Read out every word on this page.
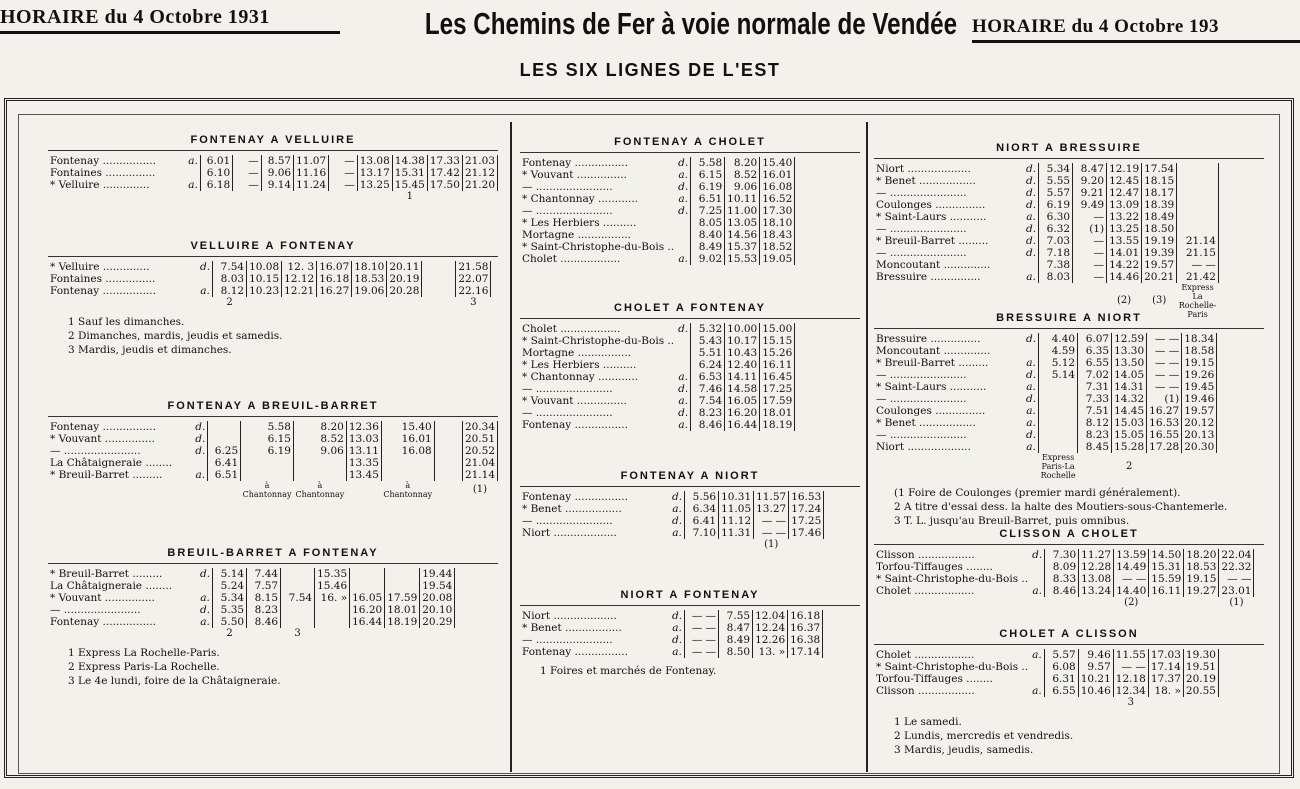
HORAIRE du 4 Octobre 1931	Les Chemins de Fer à voie normale de Vendée HORAIRE du 4 Octobre 193
LES SIX LIGNES DE L'EST
FONTENAY A VELLUIRE
Fontenay ................	a.	6.01	—	8.57	11.07	—	13.08	14.38	17.33	21.03
Fontaines ...............		6.10	—	9.06	11.16	—	13.17	15.31	17.42	21.12
* Velluire ..............	a.	6.18	—	9.14	11.24	—	13.25	15.45	17.50	21.20
								1		
VELLUIRE A FONTENAY
* Velluire ..............	d.	7.54	10.08	12. 3	16.07	18.10	20.11		21.58
Fontaines ...............		8.03	10.15	12.12	16.18	18.53	20.19		22.07
Fontenay ................	a.	8.12	10.23	12.21	16.27	19.06	20.28		22.16
		2							3
1 Sauf les dimanches.
2 Dimanches, mardis, jeudis et samedis.
3 Mardis, jeudis et dimanches.
FONTENAY A BREUIL-BARRET
Fontenay ................	d.		5.58	8.20	12.36	15.40		20.34
* Vouvant ...............	d.		6.15	8.52	13.03	16.01		20.51
— .......................	d.	6.25	6.19	9.06	13.11	16.08		20.52
La Châtaigneraie ........		6.41			13.35			21.04
* Breuil-Barret .........	a.	6.51			13.45			21.14
			à Chantonnay	à Chantonnay		à Chantonnay		(1)
BREUIL-BARRET A FONTENAY
* Breuil-Barret .........	d.	5.14	7.44		15.35			19.44
La Châtaigneraie ........		5.24	7.57		15.46			19.54
* Vouvant ...............	a.	5.34	8.15	7.54	16. »	16.05	17.59	20.08
— .......................	d.	5.35	8.23			16.20	18.01	20.10
Fontenay ................	a.	5.50	8.46			16.44	18.19	20.29
		2		3				
1 Express La Rochelle-Paris.
2 Express Paris-La Rochelle.
3 Le 4e lundi, foire de la Châtaigneraie.
FONTENAY A CHOLET
Fontenay ................	d.	5.58	8.20	15.40
* Vouvant ...............	a.	6.15	8.52	16.01
— .......................	d.	6.19	9.06	16.08
* Chantonnay ............	a.	6.51	10.11	16.52
— .......................	d.	7.25	11.00	17.30
* Les Herbiers ..........		8.05	13.05	18.10
Mortagne ................		8.40	14.56	18.43
* Saint-Christophe-du-Bois ..		8.49	15.37	18.52
Cholet ..................	a.	9.02	15.53	19.05
CHOLET A FONTENAY
Cholet ..................	d.	5.32	10.00	15.00
* Saint-Christophe-du-Bois ..		5.43	10.17	15.15
Mortagne ................		5.51	10.43	15.26
* Les Herbiers ..........		6.24	12.40	16.11
* Chantonnay ............	a.	6.53	14.11	16.45
— .......................	d.	7.46	14.58	17.25
* Vouvant ...............	a.	7.54	16.05	17.59
— .......................	d.	8.23	16.20	18.01
Fontenay ................	a.	8.46	16.44	18.19
FONTENAY A NIORT
Fontenay ................	d.	5.56	10.31	11.57	16.53
* Benet .................	a.	6.34	11.05	13.27	17.24
— .......................	d.	6.41	11.12	— —	17.25
Niort ...................	a.	7.10	11.31	— —	17.46
				(1)	
NIORT A FONTENAY
Niort ...................	d.	— —	7.55	12.04	16.18
* Benet .................	a.	— —	8.47	12.24	16.37
— .......................	d.	— —	8.49	12.26	16.38
Fontenay ................	a.	— —	8.50	13. »	17.14
1 Foires et marchés de Fontenay.
NIORT A BRESSUIRE
Niort ...................	d.	5.34	8.47	12.19	17.54	
* Benet .................	d.	5.55	9.20	12.45	18.15	
— .......................	d.	5.57	9.21	12.47	18.17	
Coulonges ...............	d.	6.19	9.49	13.09	18.39	
* Saint-Laurs ...........	a.	6.30	—	13.22	18.49	
— .......................	d.	6.32	(1)	13.25	18.50	
* Breuil-Barret .........	d.	7.03	—	13.55	19.19	21.14
— .......................	d.	7.18	—	14.01	19.39	21.15
Moncoutant ..............		7.38	—	14.22	19.57	— —
Bressuire ...............	a.	8.03	—	14.46	20.21	21.42
				(2)	(3)	Express La Rochelle-Paris
BRESSUIRE A NIORT
Bressuire ...............	d.	4.40	6.07	12.59	— —	18.34
Moncoutant ..............		4.59	6.35	13.30	— —	18.58
* Breuil-Barret .........	a.	5.12	6.55	13.50	— —	19.15
— .......................	d.	5.14	7.02	14.05	— —	19.26
* Saint-Laurs ...........	a.		7.31	14.31	— —	19.45
— .......................	d.		7.33	14.32	(1)	19.46
Coulonges ...............	a.		7.51	14.45	16.27	19.57
* Benet .................	a.		8.12	15.03	16.53	20.12
— .......................	d.		8.23	15.05	16.55	20.13
Niort ...................	a.		8.45	15.28	17.28	20.30
		Express Paris-La Rochelle		2		
(1 Foire de Coulonges (premier mardi généralement).
2 A titre d'essai dess. la halte des Moutiers-sous-Chantemerle.
3 T. L. jusqu'au Breuil-Barret, puis omnibus.
CLISSON A CHOLET
Clisson .................	d.	7.30	11.27	13.59	14.50	18.20	22.04
Torfou-Tiffauges ........		8.09	12.28	14.49	15.31	18.53	22.32
* Saint-Christophe-du-Bois ..		8.33	13.08	— —	15.59	19.15	— —
Cholet ..................	a.	8.46	13.24	14.40	16.11	19.27	23.01
				(2)			(1)
CHOLET A CLISSON
Cholet ..................	a.	5.57	9.46	11.55	17.03	19.30
* Saint-Christophe-du-Bois ..		6.08	9.57	— —	17.14	19.51
Torfou-Tiffauges ........		6.31	10.21	12.18	17.37	20.19
Clisson .................	a.	6.55	10.46	12.34	18. »	20.55
				3		
1 Le samedi.
2 Lundis, mercredis et vendredis.
3 Mardis, jeudis, samedis.
